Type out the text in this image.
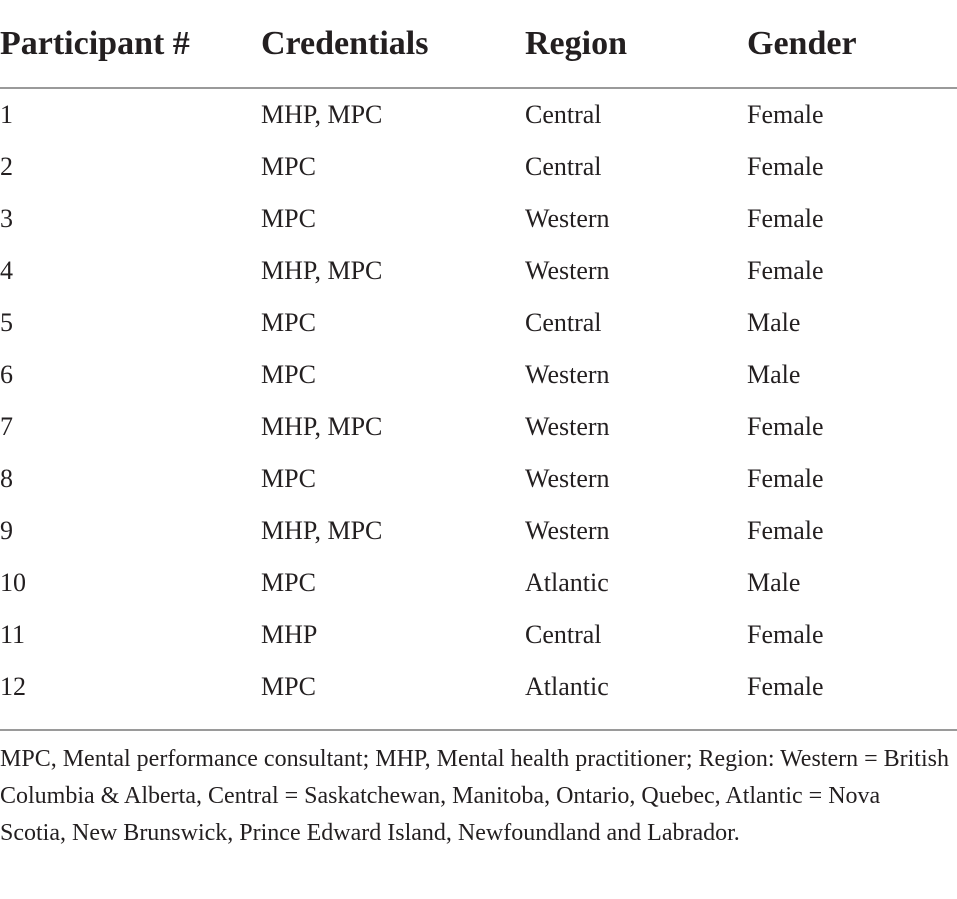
Participant #	Credentials	Region	Gender
1	MHP, MPC	Central	Female
2	MPC	Central	Female
3	MPC	Western	Female
4	MHP, MPC	Western	Female
5	MPC	Central	Male
6	MPC	Western	Male
7	MHP, MPC	Western	Female
8	MPC	Western	Female
9	MHP, MPC	Western	Female
10	MPC	Atlantic	Male
11	MHP	Central	Female
12	MPC	Atlantic	Female
MPC, Mental performance consultant; MHP, Mental health practitioner; Region: Western = British Columbia & Alberta, Central = Saskatchewan, Manitoba, Ontario, Quebec, Atlantic = Nova Scotia, New Brunswick, Prince Edward Island, Newfoundland and Labrador.
